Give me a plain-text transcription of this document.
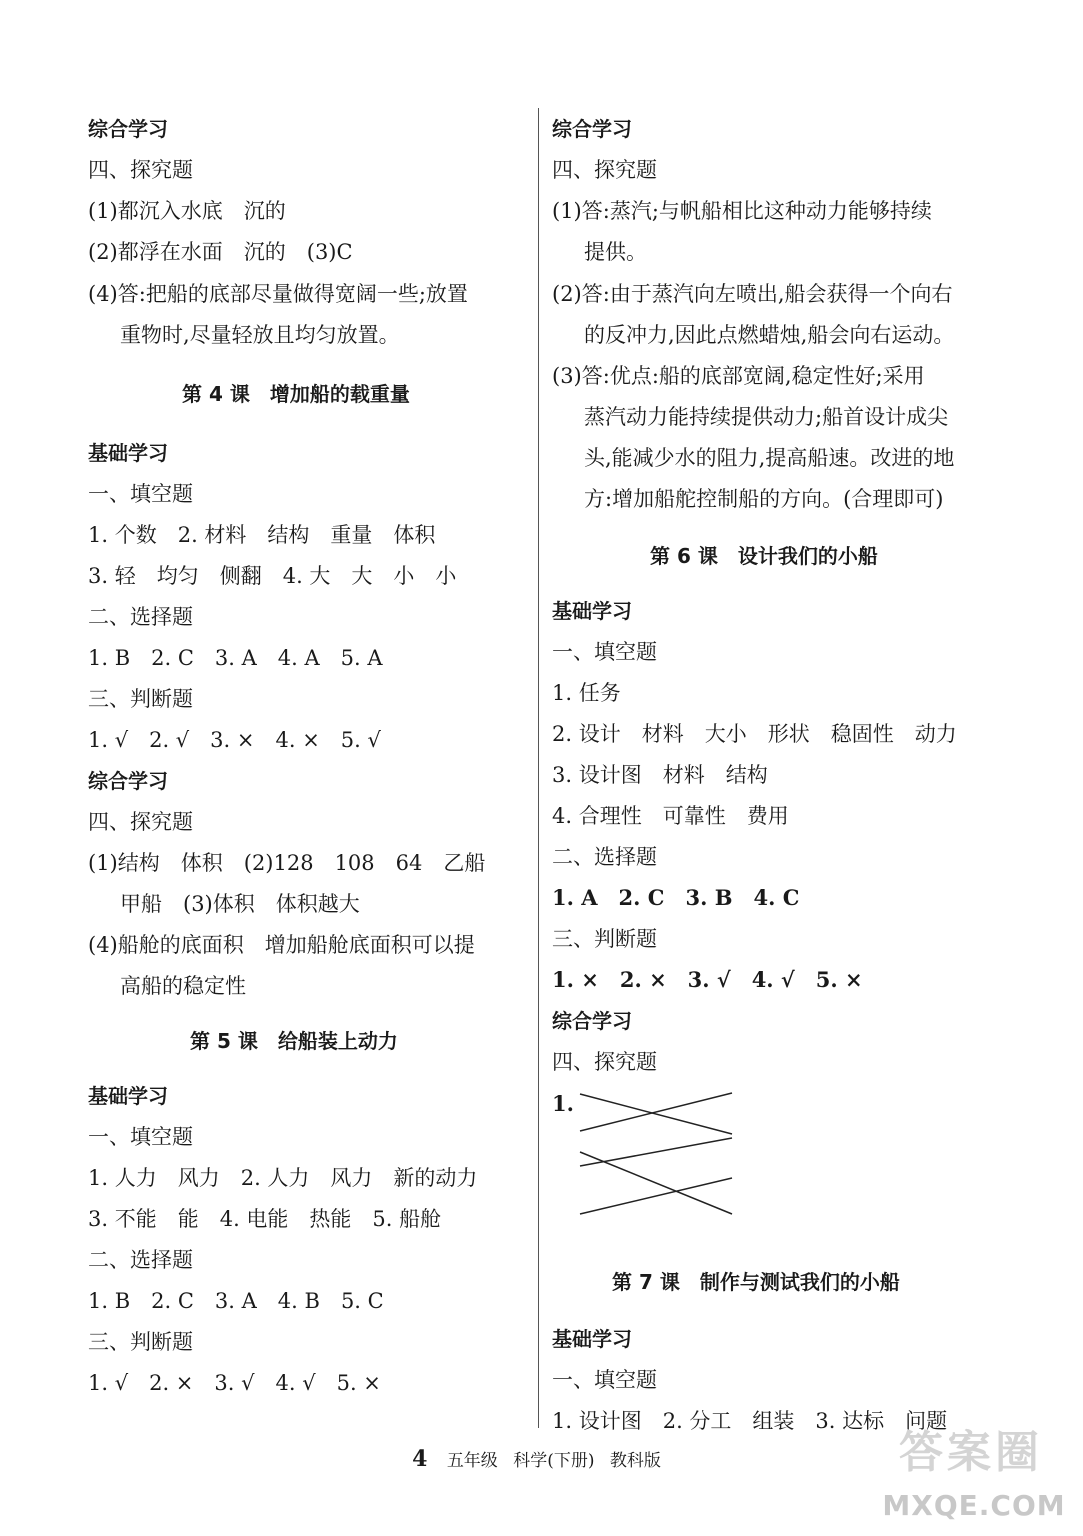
综合学习
四、探究题
(1)都沉入水底　沉的
(2)都浮在水面　沉的　(3)C
(4)答:把船的底部尽量做得宽阔一些;放置
重物时,尽量轻放且均匀放置。
第 4 课　增加船的载重量
基础学习
一、填空题
1. 个数　2. 材料　结构　重量　体积
3. 轻　均匀　侧翻　4. 大　大　小　小
二、选择题
1. B　2. C　3. A　4. A　5. A
三、判断题
1. √　2. √　3. ×　4. ×　5. √
综合学习
四、探究题
(1)结构　体积　(2)128　108　64　乙船
甲船　(3)体积　体积越大
(4)船舱的底面积　增加船舱底面积可以提
高船的稳定性
第 5 课　给船装上动力
基础学习
一、填空题
1. 人力　风力　2. 人力　风力　新的动力
3. 不能　能　4. 电能　热能　5. 船舱
二、选择题
1. B　2. C　3. A　4. B　5. C
三、判断题
1. √　2. ×　3. √　4. √　5. ×
综合学习
四、探究题
(1)答:蒸汽;与帆船相比这种动力能够持续
提供。
(2)答:由于蒸汽向左喷出,船会获得一个向右
的反冲力,因此点燃蜡烛,船会向右运动。
(3)答:优点:船的底部宽阔,稳定性好;采用
蒸汽动力能持续提供动力;船首设计成尖
头,能减少水的阻力,提高船速。改进的地
方:增加船舵控制船的方向。(合理即可)
第 6 课　设计我们的小船
基础学习
一、填空题
1. 任务
2. 设计　材料　大小　形状　稳固性　动力
3. 设计图　材料　结构
4. 合理性　可靠性　费用
二、选择题
1. A　2. C　3. B　4. C
三、判断题
1. ×　2. ×　3. √　4. √　5. ×
综合学习
四、探究题
1.
第 7 课　制作与测试我们的小船
基础学习
一、填空题
1. 设计图　2. 分工　组装　3. 达标　问题
4 五年级 科学(下册) 教科版	答案圈
MXQE.COM
